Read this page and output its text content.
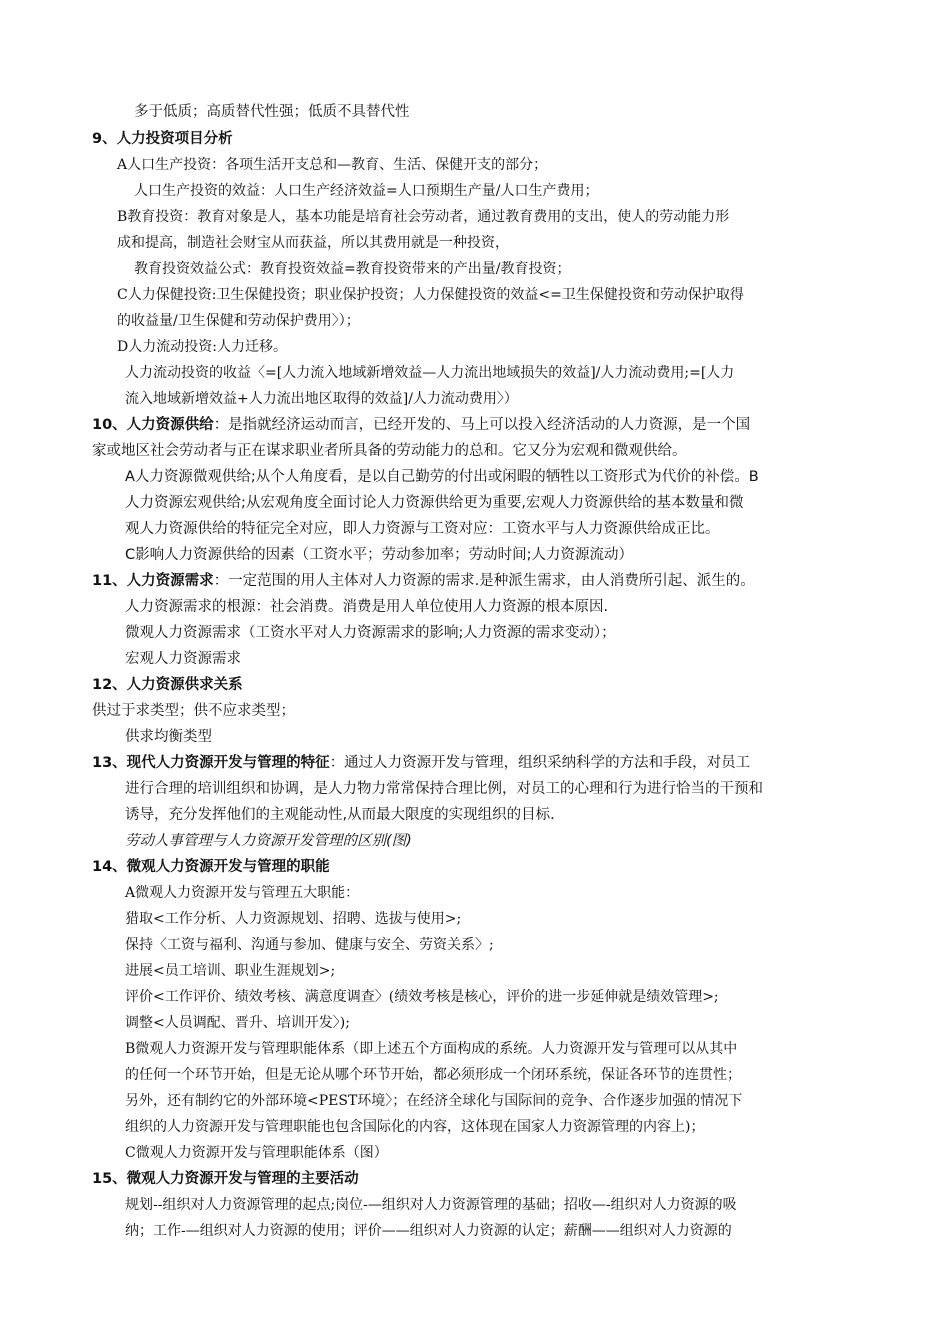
多于低质；高质替代性强；低质不具替代性
9、人力投资项目分析
A人口生产投资：各项生活开支总和—教育、生活、保健开支的部分；
人口生产投资的效益：人口生产经济效益=人口预期生产量/人口生产费用；
B教育投资：教育对象是人，基本功能是培育社会劳动者，通过教育费用的支出，使人的劳动能力形
成和提高，制造社会财宝从而获益，所以其费用就是一种投资，
教育投资效益公式：教育投资效益=教育投资带来的产出量/教育投资；
C人力保健投资:卫生保健投资；职业保护投资；人力保健投资的效益<=卫生保健投资和劳动保护取得
的收益量/卫生保健和劳动保护费用〉）；
D人力流动投资:人力迁移。
人力流动投资的收益〈=[人力流入地域新增效益—人力流出地域损失的效益]/人力流动费用;=[人力
流入地域新增效益+人力流出地区取得的效益]/人力流动费用〉）
10、人力资源供给：是指就经济运动而言，已经开发的、马上可以投入经济活动的人力资源，是一个国
家或地区社会劳动者与正在谋求职业者所具备的劳动能力的总和。它又分为宏观和微观供给。
A人力资源微观供给;从个人角度看，是以自己勤劳的付出或闲暇的牺牲以工资形式为代价的补偿。B
人力资源宏观供给;从宏观角度全面讨论人力资源供给更为重要,宏观人力资源供给的基本数量和微
观人力资源供给的特征完全对应，即人力资源与工资对应：工资水平与人力资源供给成正比。
C影响人力资源供给的因素（工资水平；劳动参加率；劳动时间;人力资源流动）
11、人力资源需求：一定范围的用人主体对人力资源的需求.是种派生需求，由人消费所引起、派生的。
人力资源需求的根源：社会消费。消费是用人单位使用人力资源的根本原因.
微观人力资源需求（工资水平对人力资源需求的影响;人力资源的需求变动）；
宏观人力资源需求
12、人力资源供求关系
供过于求类型；供不应求类型；
供求均衡类型
13、现代人力资源开发与管理的特征：通过人力资源开发与管理，组织采纳科学的方法和手段，对员工
进行合理的培训组织和协调，是人力物力常常保持合理比例，对员工的心理和行为进行恰当的干预和
诱导，充分发挥他们的主观能动性,从而最大限度的实现组织的目标.
劳动人事管理与人力资源开发管理的区别(图)
14、微观人力资源开发与管理的职能
A微观人力资源开发与管理五大职能：
猎取<工作分析、人力资源规划、招聘、选拔与使用>;
保持〈工资与福利、沟通与参加、健康与安全、劳资关系〉;
进展<员工培训、职业生涯规划>;
评价<工作评价、绩效考核、满意度调查〉(绩效考核是核心，评价的进一步延伸就是绩效管理>;
调整<人员调配、晋升、培训开发〉);
B微观人力资源开发与管理职能体系（即上述五个方面构成的系统。人力资源开发与管理可以从其中
的任何一个环节开始，但是无论从哪个环节开始，都必须形成一个闭环系统，保证各环节的连贯性；
另外，还有制约它的外部环境<PEST环境〉；在经济全球化与国际间的竞争、合作逐步加强的情况下
组织的人力资源开发与管理职能也包含国际化的内容，这体现在国家人力资源管理的内容上)；
C微观人力资源开发与管理职能体系（图）
15、微观人力资源开发与管理的主要活动
规划--组织对人力资源管理的起点;岗位-—组织对人力资源管理的基础；招收—-组织对人力资源的吸
纳；工作-—组织对人力资源的使用；评价——组织对人力资源的认定；薪酬——组织对人力资源的
